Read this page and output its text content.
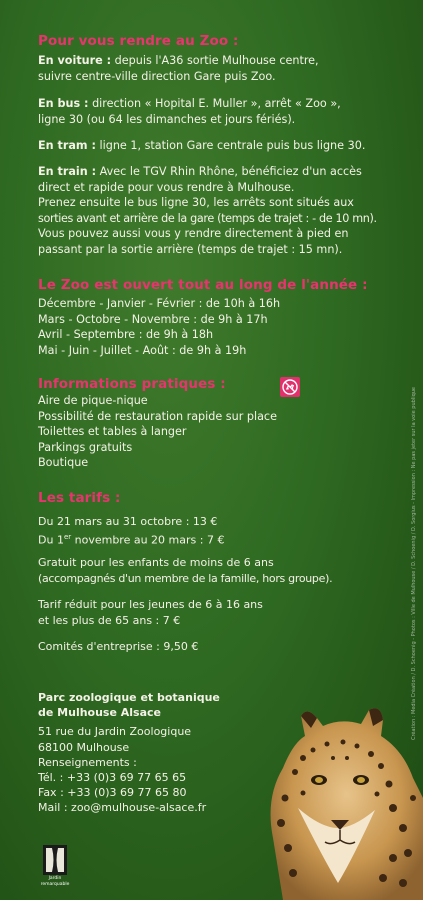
Pour vous rendre au Zoo :

En voiture : depuis l'A36 sortie Mulhouse centre,
suivre centre-ville direction Gare puis Zoo.

En bus : direction « Hopital E. Muller », arrêt « Zoo »,
ligne 30 (ou 64 les dimanches et jours fériés).

En tram : ligne 1, station Gare centrale puis bus ligne 30.

En train : Avec le TGV Rhin Rhône, bénéficiez d'un accès
direct et rapide pour vous rendre à Mulhouse.
Prenez ensuite le bus ligne 30, les arrêts sont situés aux
sorties avant et arrière de la gare (temps de trajet : - de 10 mn).
Vous pouvez aussi vous y rendre directement à pied en
passant par la sortie arrière (temps de trajet : 15 mn).

Le Zoo est ouvert tout au long de l'année :

Décembre - Janvier - Février : de 10h à 16h
Mars - Octobre - Novembre : de 9h à 17h
Avril - Septembre : de 9h à 18h
Mai - Juin - Juillet - Août : de 9h à 19h

Informations pratiques :

Aire de pique-nique
Possibilité de restauration rapide sur place
Toilettes et tables à langer
Parkings gratuits
Boutique

Les tarifs :

Du 21 mars au 31 octobre : 13 €
Du 1er novembre au 20 mars : 7 €

Gratuit pour les enfants de moins de 6 ans
(accompagnés d'un membre de la famille, hors groupe).

Tarif réduit pour les jeunes de 6 à 16 ans
et les plus de 65 ans : 7 €

Comités d'entreprise : 9,50 €

Parc zoologique et botanique
de Mulhouse Alsace
51 rue du Jardin Zoologique
68100 Mulhouse
Renseignements :
Tél. : +33 (0)3 69 77 65 65
Fax : +33 (0)3 69 77 65 80
Mail : zoo@mulhouse-alsace.fr
Jardin
remarquable
Création : Media Création / D. Schoenig - Photos : Ville de Mulhouse / D. Schoenig / D. Sorgius - Impression : Ne pas jeter sur la voie publique
